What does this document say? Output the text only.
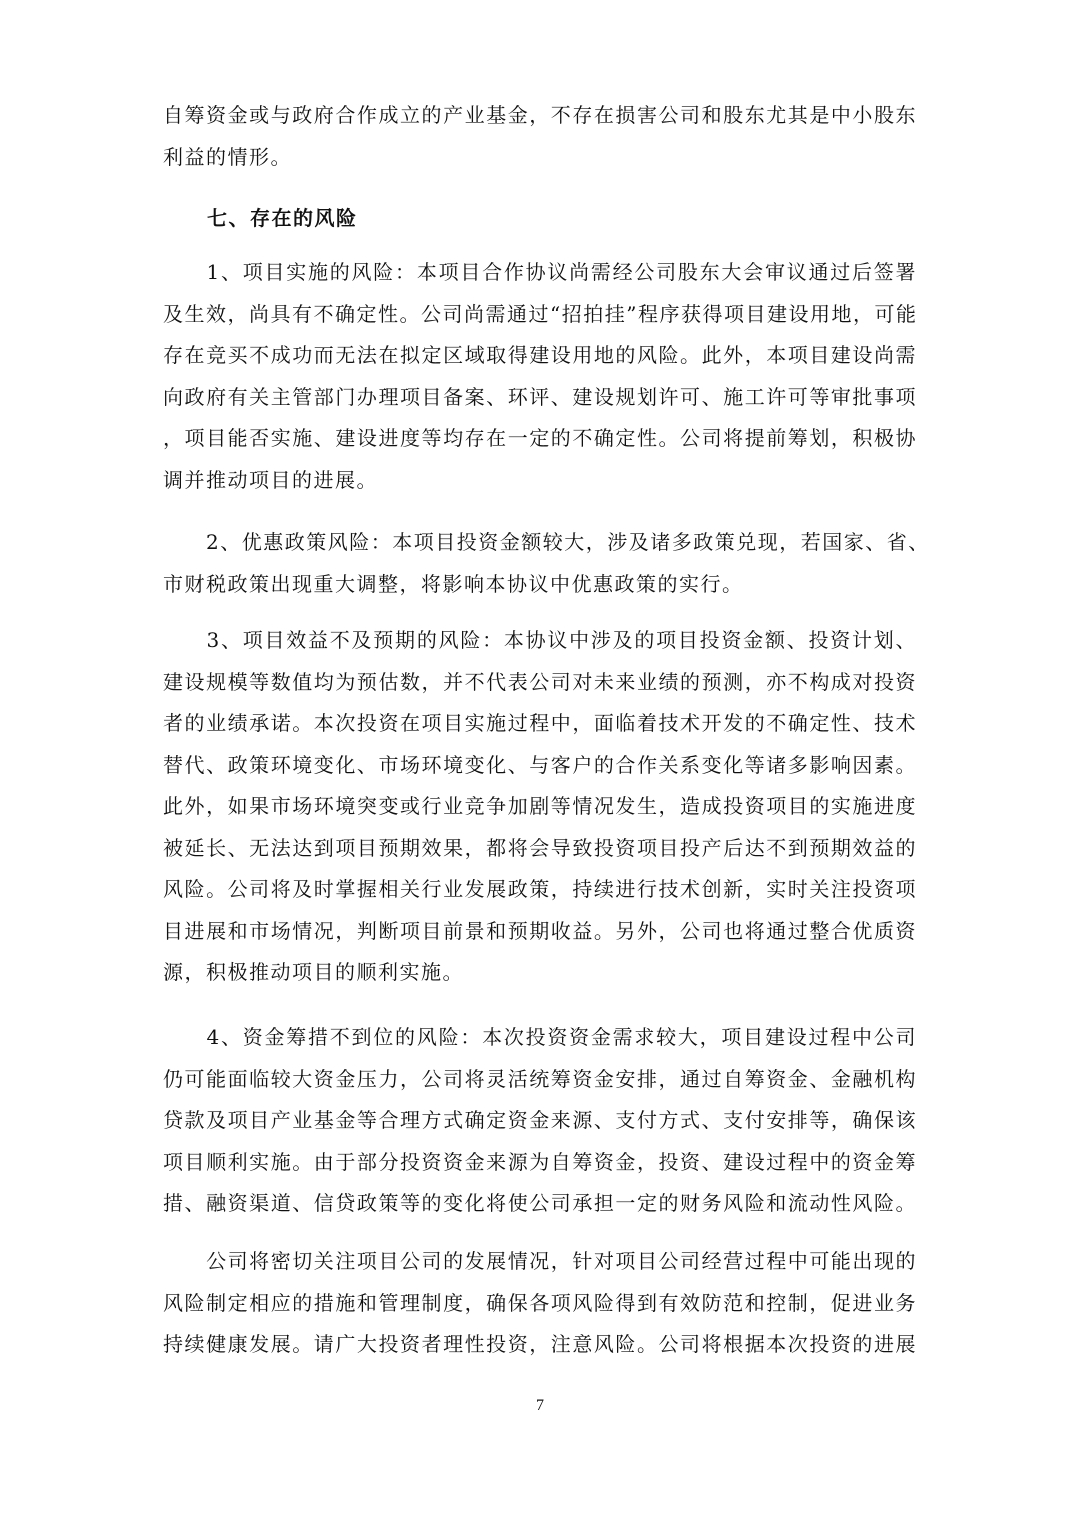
自筹资金或与政府合作成立的产业基金，不存在损害公司和股东尤其是中小股东
利益的情形。
七、存在的风险
　　1、项目实施的风险：本项目合作协议尚需经公司股东大会审议通过后签署
及生效，尚具有不确定性。公司尚需通过“招拍挂”程序获得项目建设用地，可能
存在竞买不成功而无法在拟定区域取得建设用地的风险。此外，本项目建设尚需
向政府有关主管部门办理项目备案、环评、建设规划许可、施工许可等审批事项
，项目能否实施、建设进度等均存在一定的不确定性。公司将提前筹划，积极协
调并推动项目的进展。
　　2、优惠政策风险：本项目投资金额较大，涉及诸多政策兑现，若国家、省、
市财税政策出现重大调整，将影响本协议中优惠政策的实行。
　　3、项目效益不及预期的风险：本协议中涉及的项目投资金额、投资计划、
建设规模等数值均为预估数，并不代表公司对未来业绩的预测，亦不构成对投资
者的业绩承诺。本次投资在项目实施过程中，面临着技术开发的不确定性、技术
替代、政策环境变化、市场环境变化、与客户的合作关系变化等诸多影响因素。
此外，如果市场环境突变或行业竞争加剧等情况发生，造成投资项目的实施进度
被延长、无法达到项目预期效果，都将会导致投资项目投产后达不到预期效益的
风险。公司将及时掌握相关行业发展政策，持续进行技术创新，实时关注投资项
目进展和市场情况，判断项目前景和预期收益。另外，公司也将通过整合优质资
源，积极推动项目的顺利实施。
　　4、资金筹措不到位的风险：本次投资资金需求较大，项目建设过程中公司
仍可能面临较大资金压力，公司将灵活统筹资金安排，通过自筹资金、金融机构
贷款及项目产业基金等合理方式确定资金来源、支付方式、支付安排等，确保该
项目顺利实施。由于部分投资资金来源为自筹资金，投资、建设过程中的资金筹
措、融资渠道、信贷政策等的变化将使公司承担一定的财务风险和流动性风险。
　　公司将密切关注项目公司的发展情况，针对项目公司经营过程中可能出现的
风险制定相应的措施和管理制度，确保各项风险得到有效防范和控制，促进业务
持续健康发展。请广大投资者理性投资，注意风险。公司将根据本次投资的进展
7
